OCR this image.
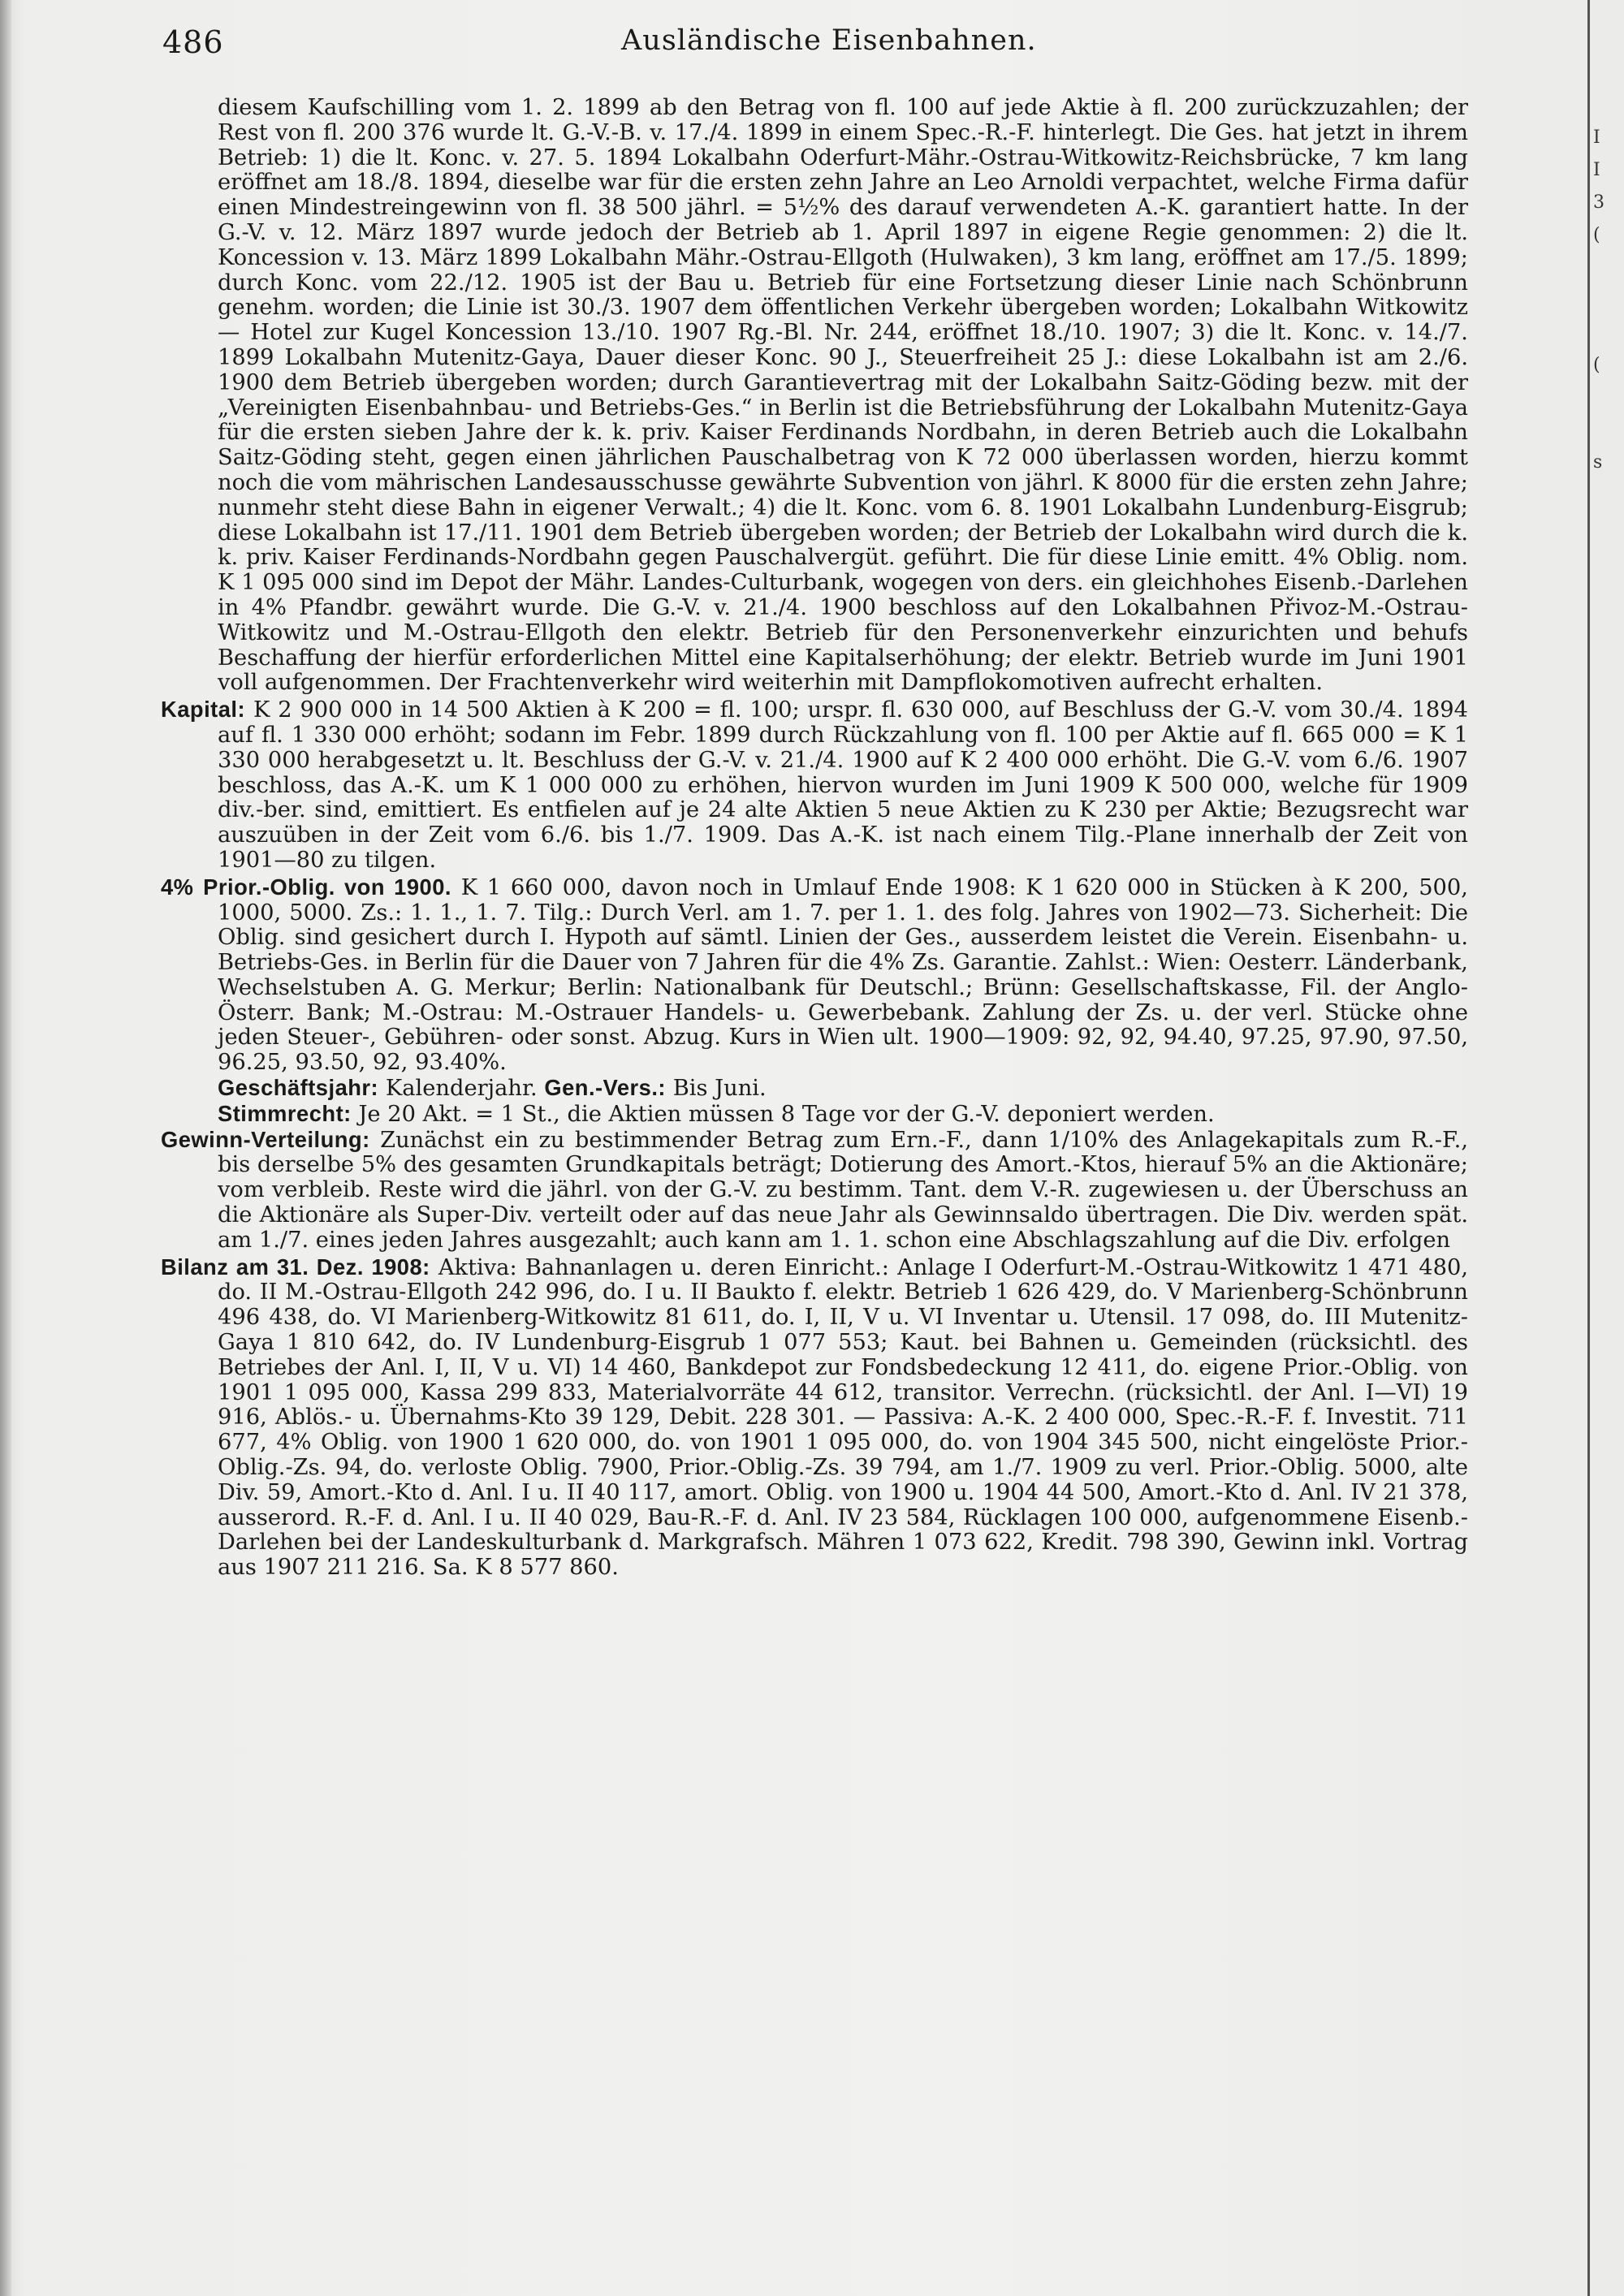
I
I
3
(
(
s
486	Ausländische Eisenbahnen.

diesem Kaufschilling vom 1. 2. 1899 ab den Betrag von fl. 100 auf jede Aktie à fl. 200 zurückzuzahlen; der Rest von fl. 200 376 wurde lt. G.-V.-B. v. 17./4. 1899 in einem Spec.-R.-F. hinterlegt. Die Ges. hat jetzt in ihrem Betrieb: 1) die lt. Konc. v. 27. 5. 1894 Lokalbahn Oderfurt-Mähr.-Ostrau-Witkowitz-Reichsbrücke, 7 km lang eröffnet am 18./8. 1894, dieselbe war für die ersten zehn Jahre an Leo Arnoldi verpachtet, welche Firma dafür einen Mindestreingewinn von fl. 38 500 jährl. = 5½% des darauf verwendeten A.-K. garantiert hatte. In der G.-V. v. 12. März 1897 wurde jedoch der Betrieb ab 1. April 1897 in eigene Regie genommen: 2) die lt. Koncession v. 13. März 1899 Lokalbahn Mähr.-Ostrau-Ellgoth (Hulwaken), 3 km lang, eröffnet am 17./5. 1899; durch Konc. vom 22./12. 1905 ist der Bau u. Betrieb für eine Fortsetzung dieser Linie nach Schönbrunn genehm. worden; die Linie ist 30./3. 1907 dem öffentlichen Verkehr übergeben worden; Lokalbahn Witkowitz — Hotel zur Kugel Koncession 13./10. 1907 Rg.-Bl. Nr. 244, eröffnet 18./10. 1907; 3) die lt. Konc. v. 14./7. 1899 Lokalbahn Mutenitz-Gaya, Dauer dieser Konc. 90 J., Steuerfreiheit 25 J.: diese Lokalbahn ist am 2./6. 1900 dem Betrieb übergeben worden; durch Garantievertrag mit der Lokalbahn Saitz-Göding bezw. mit der „Vereinigten Eisenbahnbau- und Betriebs-Ges.“ in Berlin ist die Betriebsführung der Lokalbahn Mutenitz-Gaya für die ersten sieben Jahre der k. k. priv. Kaiser Ferdinands Nordbahn, in deren Betrieb auch die Lokalbahn Saitz-Göding steht, gegen einen jährlichen Pauschalbetrag von K 72 000 überlassen worden, hierzu kommt noch die vom mährischen Landesausschusse gewährte Subvention von jährl. K 8000 für die ersten zehn Jahre; nunmehr steht diese Bahn in eigener Verwalt.; 4) die lt. Konc. vom 6. 8. 1901 Lokalbahn Lundenburg-Eisgrub; diese Lokalbahn ist 17./11. 1901 dem Betrieb übergeben worden; der Betrieb der Lokalbahn wird durch die k. k. priv. Kaiser Ferdinands-Nordbahn gegen Pauschalvergüt. geführt. Die für diese Linie emitt. 4% Oblig. nom. K 1 095 000 sind im Depot der Mähr. Landes-Culturbank, wogegen von ders. ein gleichhohes Eisenb.-Darlehen in 4% Pfandbr. gewährt wurde. Die G.-V. v. 21./4. 1900 beschloss auf den Lokalbahnen Přivoz-M.-Ostrau-Witkowitz und M.-Ostrau-Ellgoth den elektr. Betrieb für den Personenverkehr einzurichten und behufs Beschaffung der hierfür erforderlichen Mittel eine Kapitalserhöhung; der elektr. Betrieb wurde im Juni 1901 voll aufgenommen. Der Frachtenverkehr wird weiterhin mit Dampflokomotiven aufrecht erhalten.

Kapital: K 2 900 000 in 14 500 Aktien à K 200 = fl. 100; urspr. fl. 630 000, auf Beschluss der G.-V. vom 30./4. 1894 auf fl. 1 330 000 erhöht; sodann im Febr. 1899 durch Rückzahlung von fl. 100 per Aktie auf fl. 665 000 = K 1 330 000 herabgesetzt u. lt. Beschluss der G.-V. v. 21./4. 1900 auf K 2 400 000 erhöht. Die G.-V. vom 6./6. 1907 beschloss, das A.-K. um K 1 000 000 zu erhöhen, hiervon wurden im Juni 1909 K 500 000, welche für 1909 div.-ber. sind, emittiert. Es entfielen auf je 24 alte Aktien 5 neue Aktien zu K 230 per Aktie; Bezugsrecht war auszuüben in der Zeit vom 6./6. bis 1./7. 1909. Das A.-K. ist nach einem Tilg.-Plane innerhalb der Zeit von 1901—80 zu tilgen.

4% Prior.-Oblig. von 1900. K 1 660 000, davon noch in Umlauf Ende 1908: K 1 620 000 in Stücken à K 200, 500, 1000, 5000. Zs.: 1. 1., 1. 7. Tilg.: Durch Verl. am 1. 7. per 1. 1. des folg. Jahres von 1902—73. Sicherheit: Die Oblig. sind gesichert durch I. Hypoth auf sämtl. Linien der Ges., ausserdem leistet die Verein. Eisenbahn- u. Betriebs-Ges. in Berlin für die Dauer von 7 Jahren für die 4% Zs. Garantie. Zahlst.: Wien: Oesterr. Länderbank, Wechselstuben A. G. Merkur; Berlin: Nationalbank für Deutschl.; Brünn: Gesellschaftskasse, Fil. der Anglo-Österr. Bank; M.-Ostrau: M.-Ostrauer Handels- u. Gewerbebank. Zahlung der Zs. u. der verl. Stücke ohne jeden Steuer-, Gebühren- oder sonst. Abzug. Kurs in Wien ult. 1900—1909: 92, 92, 94.40, 97.25, 97.90, 97.50, 96.25, 93.50, 92, 93.40%.

Geschäftsjahr: Kalenderjahr. Gen.-Vers.: Bis Juni.

Stimmrecht: Je 20 Akt. = 1 St., die Aktien müssen 8 Tage vor der G.-V. deponiert werden.

Gewinn-Verteilung: Zunächst ein zu bestimmender Betrag zum Ern.-F., dann 1/10% des Anlagekapitals zum R.-F., bis derselbe 5% des gesamten Grundkapitals beträgt; Dotierung des Amort.-Ktos, hierauf 5% an die Aktionäre; vom verbleib. Reste wird die jährl. von der G.-V. zu bestimm. Tant. dem V.-R. zugewiesen u. der Überschuss an die Aktionäre als Super-Div. verteilt oder auf das neue Jahr als Gewinnsaldo übertragen. Die Div. werden spät. am 1./7. eines jeden Jahres ausgezahlt; auch kann am 1. 1. schon eine Abschlagszahlung auf die Div. erfolgen

Bilanz am 31. Dez. 1908: Aktiva: Bahnanlagen u. deren Einricht.: Anlage I Oderfurt-M.-Ostrau-Witkowitz 1 471 480, do. II M.-Ostrau-Ellgoth 242 996, do. I u. II Baukto f. elektr. Betrieb 1 626 429, do. V Marienberg-Schönbrunn 496 438, do. VI Marienberg-Witkowitz 81 611, do. I, II, V u. VI Inventar u. Utensil. 17 098, do. III Mutenitz-Gaya 1 810 642, do. IV Lundenburg-Eisgrub 1 077 553; Kaut. bei Bahnen u. Gemeinden (rücksichtl. des Betriebes der Anl. I, II, V u. VI) 14 460, Bankdepot zur Fondsbedeckung 12 411, do. eigene Prior.-Oblig. von 1901 1 095 000, Kassa 299 833, Materialvorräte 44 612, transitor. Verrechn. (rücksichtl. der Anl. I—VI) 19 916, Ablös.- u. Übernahms-Kto 39 129, Debit. 228 301. — Passiva: A.-K. 2 400 000, Spec.-R.-F. f. Investit. 711 677, 4% Oblig. von 1900 1 620 000, do. von 1901 1 095 000, do. von 1904 345 500, nicht eingelöste Prior.-Oblig.-Zs. 94, do. verloste Oblig. 7900, Prior.-Oblig.-Zs. 39 794, am 1./7. 1909 zu verl. Prior.-Oblig. 5000, alte Div. 59, Amort.-Kto d. Anl. I u. II 40 117, amort. Oblig. von 1900 u. 1904 44 500, Amort.-Kto d. Anl. IV 21 378, ausserord. R.-F. d. Anl. I u. II 40 029, Bau-R.-F. d. Anl. IV 23 584, Rücklagen 100 000, aufgenommene Eisenb.-Darlehen bei der Landeskulturbank d. Markgrafsch. Mähren 1 073 622, Kredit. 798 390, Gewinn inkl. Vortrag aus 1907 211 216. Sa. K 8 577 860.
